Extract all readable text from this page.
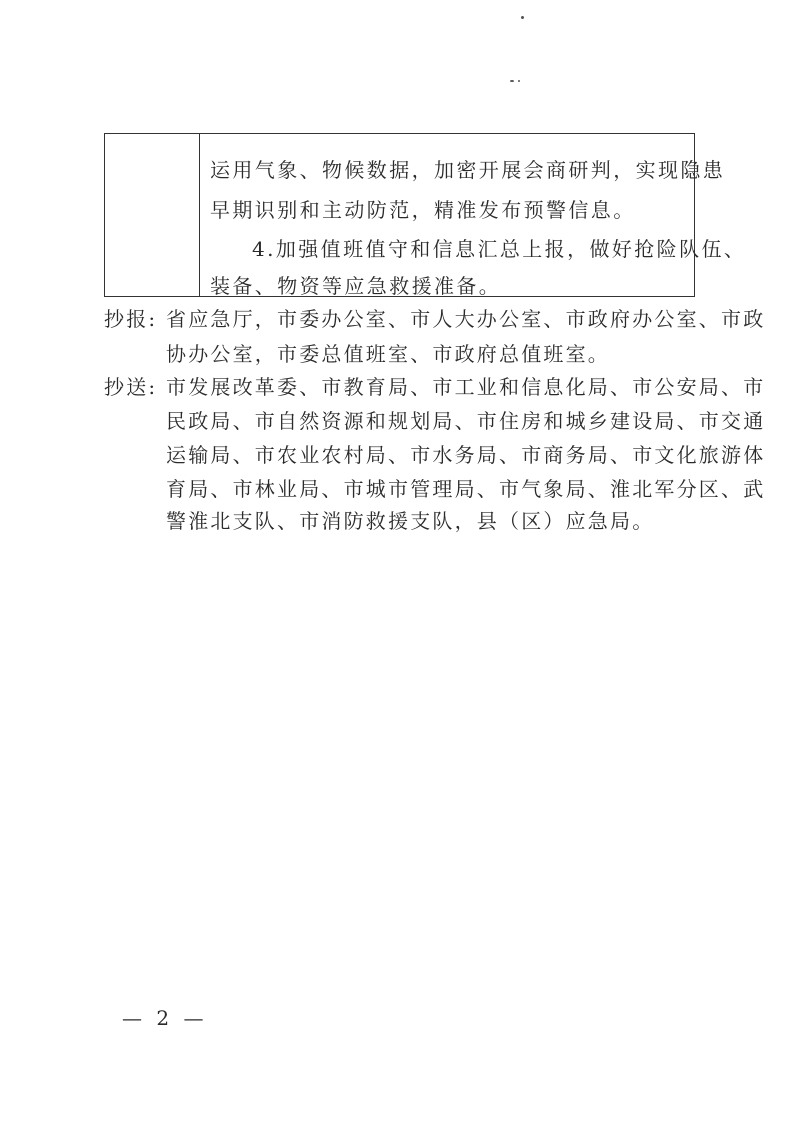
运用气象、物候数据，加密开展会商研判，实现隐患
早期识别和主动防范，精准发布预警信息。
4.加强值班值守和信息汇总上报，做好抢险队伍、
装备、物资等应急救援准备。
抄报: 省应急厅，市委办公室、市人大办公室、市政府办公室、市政
协办公室，市委总值班室、市政府总值班室。
抄送: 市发展改革委、市教育局、市工业和信息化局、市公安局、市
民政局、市自然资源和规划局、市住房和城乡建设局、市交通
运输局、市农业农村局、市水务局、市商务局、市文化旅游体
育局、市林业局、市城市管理局、市气象局、淮北军分区、武
警淮北支队、市消防救援支队，县（区）应急局。
— 2 —
